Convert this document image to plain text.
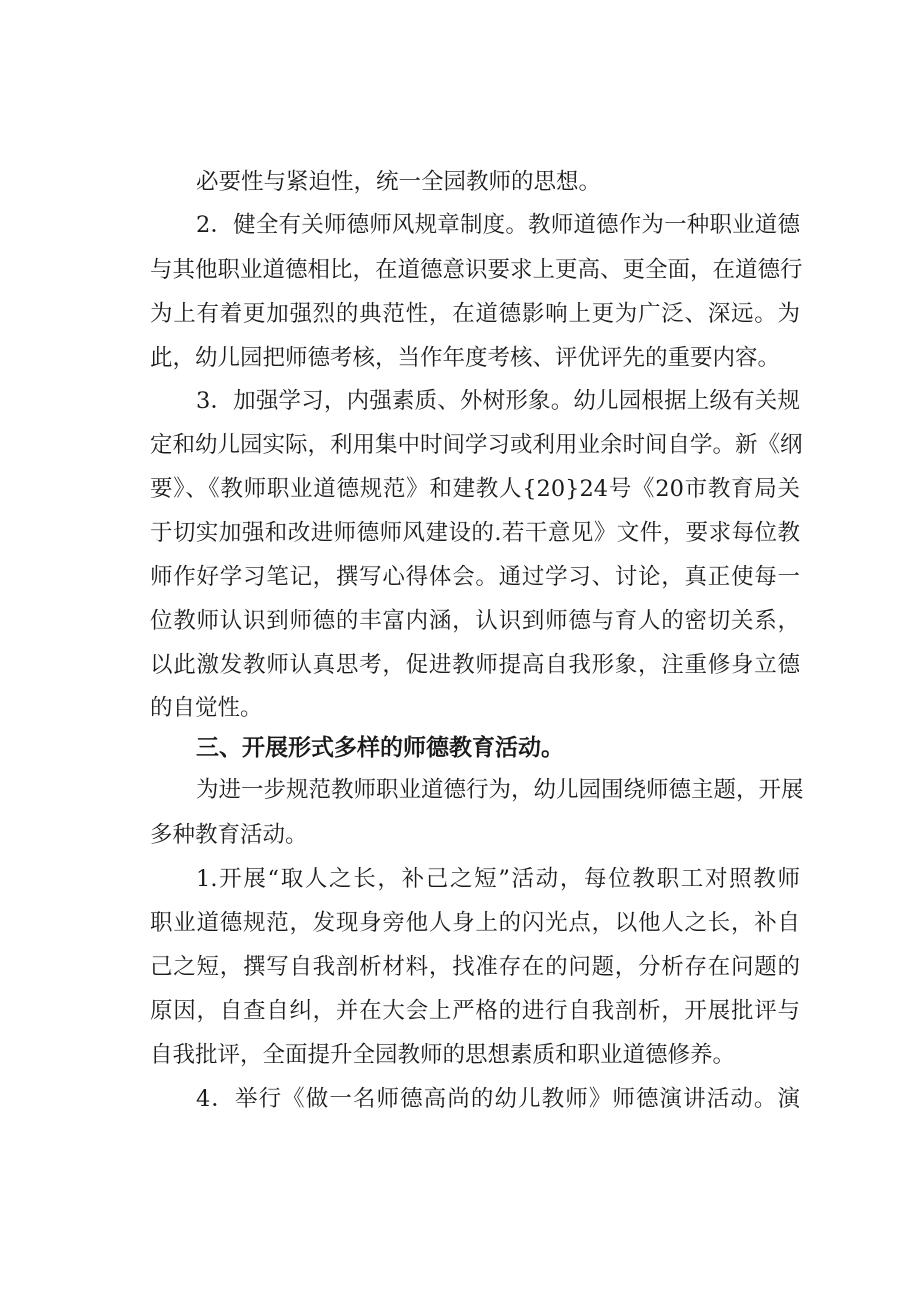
必要性与紧迫性，统一全园教师的思想。
2．健全有关师德师风规章制度。教师道德作为一种职业道德
与其他职业道德相比，在道德意识要求上更高、更全面，在道德行
为上有着更加强烈的典范性，在道德影响上更为广泛、深远。为
此，幼儿园把师德考核，当作年度考核、评优评先的重要内容。
3．加强学习，内强素质、外树形象。幼儿园根据上级有关规
定和幼儿园实际，利用集中时间学习或利用业余时间自学。新《纲
要》、《教师职业道德规范》和建教人{20}24号《20市教育局关
于切实加强和改进师德师风建设的.若干意见》文件，要求每位教
师作好学习笔记，撰写心得体会。通过学习、讨论，真正使每一
位教师认识到师德的丰富内涵，认识到师德与育人的密切关系，
以此激发教师认真思考，促进教师提高自我形象，注重修身立德
的自觉性。
三、开展形式多样的师德教育活动。
为进一步规范教师职业道德行为，幼儿园围绕师德主题，开展
多种教育活动。
1.开展“取人之长，补己之短”活动，每位教职工对照教师
职业道德规范，发现身旁他人身上的闪光点，以他人之长，补自
己之短，撰写自我剖析材料，找准存在的问题，分析存在问题的
原因，自查自纠，并在大会上严格的进行自我剖析，开展批评与
自我批评，全面提升全园教师的思想素质和职业道德修养。
4．举行《做一名师德高尚的幼儿教师》师德演讲活动。演
